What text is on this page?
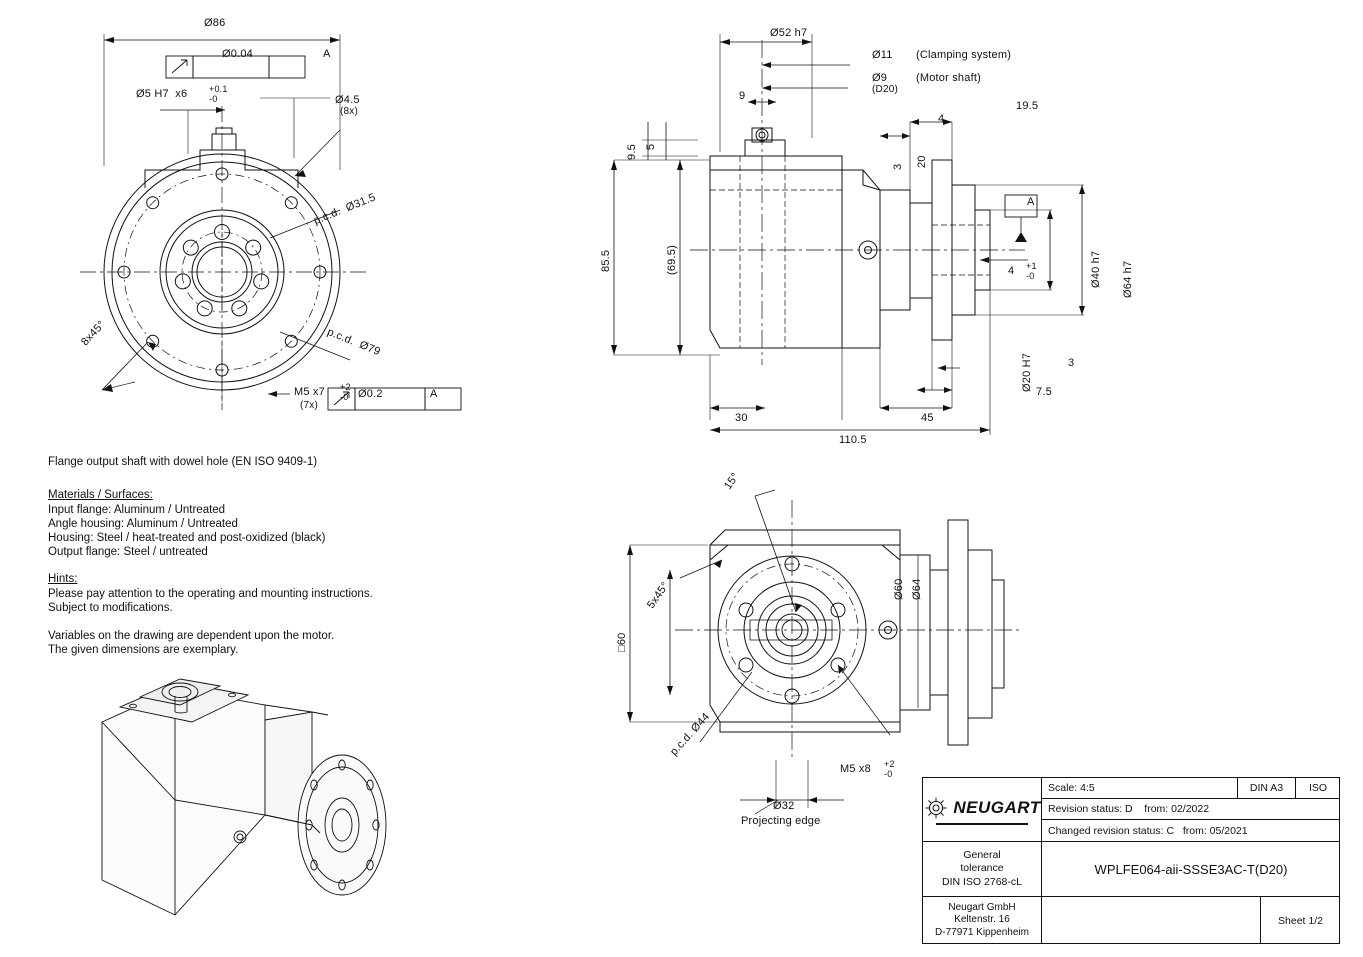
Ø86
Ø0.04	A
Ø5 H7  x6 +0.1
-0	Ø4.5
(8x)
p.c.d.  Ø31.5
p.c.d.  Ø79
8x45°
M5 x7 +2
-0
(7x)
Ø0.2	A
Flange output shaft with dowel hole (EN ISO 9409-1)
Materials / Surfaces:
Input flange: Aluminum / Untreated
Angle housing: Aluminum / Untreated
Housing: Steel / heat-treated and post-oxidized (black)
Output flange: Steel / untreated
Hints:
Please pay attention to the operating and mounting instructions.
Subject to modifications.
Variables on the drawing are dependent upon the motor.
The given dimensions are exemplary.
Ø52 h7
Ø11 (Clamping system)
Ø9	(Motor shaft)
(D20)
9
19.5
4
3 20
9.5 5
85.5	(69.5)
30	45
110.5
7.5
3
4 +1
-0	Ø40 h7 Ø64 h7
Ø20 H7
A
15°
5x45°
□60
Ø60 Ø64
p.c.d. Ø44
M5 x8 +2
-0
Ø32
Projecting edge
NEUGART
Scale: 4:5	DIN A3	ISO
Revision status: D    from: 02/2022
Changed revision status: C   from: 05/2021
General
tolerance
DIN ISO 2768-cL
WPLFE064-aii-SSSE3AC-T(D20)
Neugart GmbH
Keltenstr. 16
D-77971 Kippenheim
Sheet 1/2
